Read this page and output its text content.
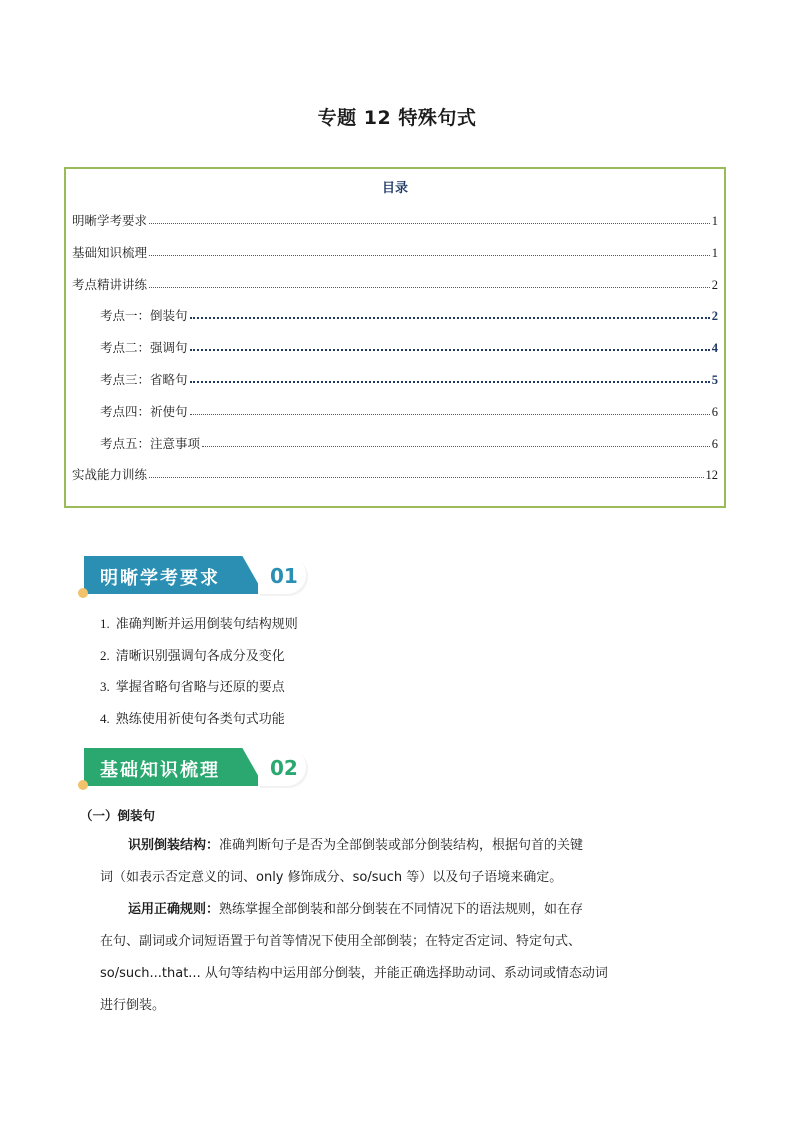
专题 12 特殊句式
目录
明晰学考要求	1
基础知识梳理	1
考点精讲讲练	2
考点一：倒装句	2
考点二：强调句	4
考点三：省略句	5
考点四：祈使句	6
考点五：注意事项	6
实战能力训练	12
明晰学考要求	01
1. 准确判断并运用倒装句结构规则
2. 清晰识别强调句各成分及变化
3. 掌握省略句省略与还原的要点
4. 熟练使用祈使句各类句式功能
基础知识梳理	02
（一）倒装句
识别倒装结构：准确判断句子是否为全部倒装或部分倒装结构，根据句首的关键
词（如表示否定意义的词、only 修饰成分、so/such 等）以及句子语境来确定。
运用正确规则：熟练掌握全部倒装和部分倒装在不同情况下的语法规则，如在存
在句、副词或介词短语置于句首等情况下使用全部倒装；在特定否定词、特定句式、
so/such...that... 从句等结构中运用部分倒装，并能正确选择助动词、系动词或情态动词
进行倒装。
